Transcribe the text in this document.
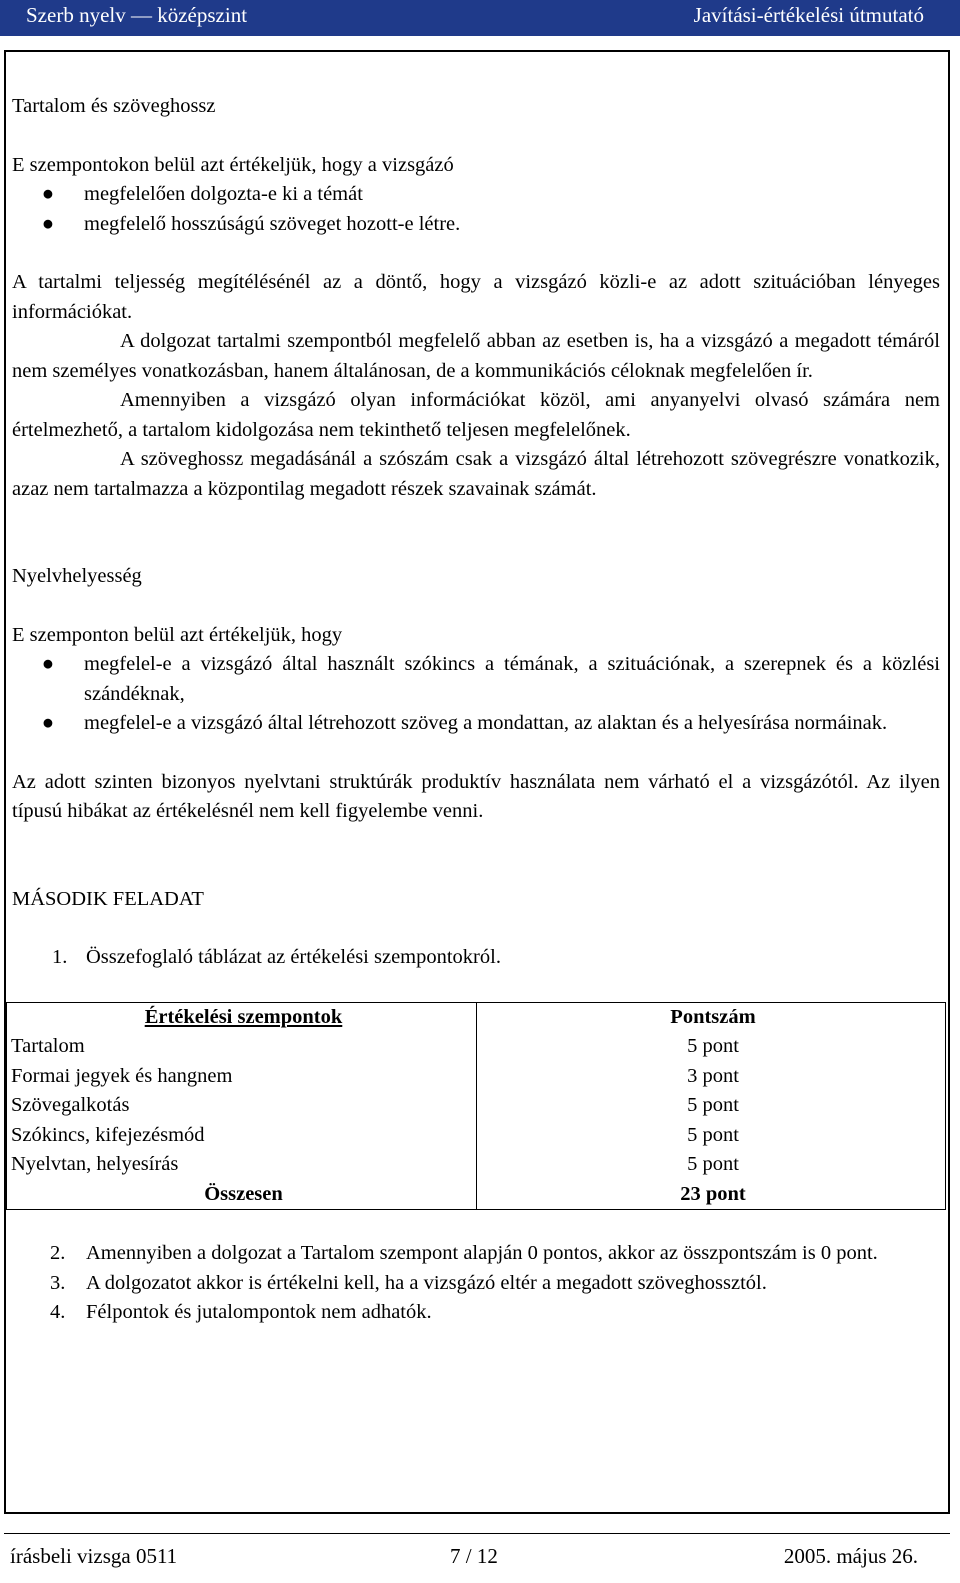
Szerb nyelv — középszint	Javítási-értékelési útmutató

Tartalom és szöveghossz

E szempontokon belül azt értékeljük, hogy a vizsgázó

● megfelelően dolgozta-e ki a témát
● megfelelő hosszúságú szöveget hozott-e létre.

A tartalmi teljesség megítélésénél az a döntő, hogy a vizsgázó közli-e az adott szituációban lényeges információkat.

A dolgozat tartalmi szempontból megfelelő abban az esetben is, ha a vizsgázó a megadott témáról nem személyes vonatkozásban, hanem általánosan, de a kommunikációs céloknak megfelelően ír.

Amennyiben a vizsgázó olyan információkat közöl, ami anyanyelvi olvasó számára nem értelmezhető, a tartalom kidolgozása nem tekinthető teljesen megfelelőnek.

A szöveghossz megadásánál a szószám csak a vizsgázó által létrehozott szövegrészre vonatkozik, azaz nem tartalmazza a központilag megadott részek szavainak számát.

Nyelvhelyesség

E szemponton belül azt értékeljük, hogy

● megfelel-e a vizsgázó által használt szókincs a témának, a szituációnak, a szerepnek és a közlési szándéknak,
● megfelel-e a vizsgázó által létrehozott szöveg a mondattan, az alaktan és a helyesírása normáinak.

Az adott szinten bizonyos nyelvtani struktúrák produktív használata nem várható el a vizsgázótól. Az ilyen típusú hibákat az értékelésnél nem kell figyelembe venni.

MÁSODIK FELADAT

1. Összefoglaló táblázat az értékelési szempontokról.

Értékelési szempontok	Pontszám
Tartalom	5 pont
Formai jegyek és hangnem	3 pont
Szövegalkotás	5 pont
Szókincs, kifejezésmód	5 pont
Nyelvtan, helyesírás	5 pont
Összesen	23 pont
2. Amennyiben a dolgozat a Tartalom szempont alapján 0 pontos, akkor az összpontszám is 0 pont.
3. A dolgozatot akkor is értékelni kell, ha a vizsgázó eltér a megadott szöveghossztól.
4. Félpontok és jutalompontok nem adhatók.
írásbeli vizsga 0511	7 / 12	2005. május 26.
